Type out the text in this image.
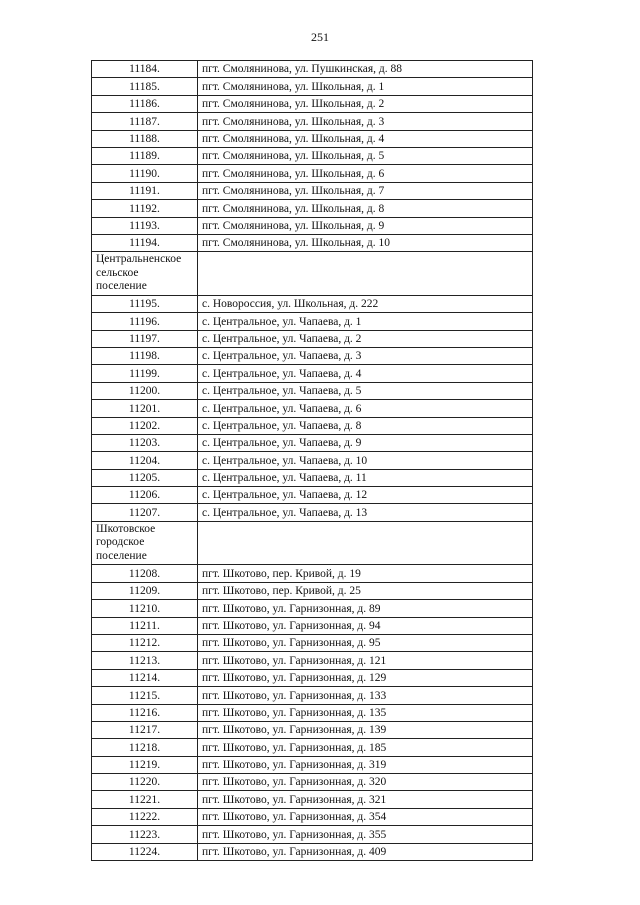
251
11184.	пгт. Смолянинова, ул. Пушкинская, д. 88
11185.	пгт. Смолянинова, ул. Школьная, д. 1
11186.	пгт. Смолянинова, ул. Школьная, д. 2
11187.	пгт. Смолянинова, ул. Школьная, д. 3
11188.	пгт. Смолянинова, ул. Школьная, д. 4
11189.	пгт. Смолянинова, ул. Школьная, д. 5
11190.	пгт. Смолянинова, ул. Школьная, д. 6
11191.	пгт. Смолянинова, ул. Школьная, д. 7
11192.	пгт. Смолянинова, ул. Школьная, д. 8
11193.	пгт. Смолянинова, ул. Школьная, д. 9
11194.	пгт. Смолянинова, ул. Школьная, д. 10

Центральненское
сельское
поселение	

11195.	с. Новороссия, ул. Школьная, д. 222
11196.	с. Центральное, ул. Чапаева, д. 1
11197.	с. Центральное, ул. Чапаева, д. 2
11198.	с. Центральное, ул. Чапаева, д. 3
11199.	с. Центральное, ул. Чапаева, д. 4
11200.	с. Центральное, ул. Чапаева, д. 5
11201.	с. Центральное, ул. Чапаева, д. 6
11202.	с. Центральное, ул. Чапаева, д. 8
11203.	с. Центральное, ул. Чапаева, д. 9
11204.	с. Центральное, ул. Чапаева, д. 10
11205.	с. Центральное, ул. Чапаева, д. 11
11206.	с. Центральное, ул. Чапаева, д. 12
11207.	с. Центральное, ул. Чапаева, д. 13

Шкотовское
городское
поселение	

11208.	пгт. Шкотово, пер. Кривой, д. 19
11209.	пгт. Шкотово, пер. Кривой, д. 25
11210.	пгт. Шкотово, ул. Гарнизонная, д. 89
11211.	пгт. Шкотово, ул. Гарнизонная, д. 94
11212.	пгт. Шкотово, ул. Гарнизонная, д. 95
11213.	пгт. Шкотово, ул. Гарнизонная, д. 121
11214.	пгт. Шкотово, ул. Гарнизонная, д. 129
11215.	пгт. Шкотово, ул. Гарнизонная, д. 133
11216.	пгт. Шкотово, ул. Гарнизонная, д. 135
11217.	пгт. Шкотово, ул. Гарнизонная, д. 139
11218.	пгт. Шкотово, ул. Гарнизонная, д. 185
11219.	пгт. Шкотово, ул. Гарнизонная, д. 319
11220.	пгт. Шкотово, ул. Гарнизонная, д. 320
11221.	пгт. Шкотово, ул. Гарнизонная, д. 321
11222.	пгт. Шкотово, ул. Гарнизонная, д. 354
11223.	пгт. Шкотово, ул. Гарнизонная, д. 355
11224.	пгт. Шкотово, ул. Гарнизонная, д. 409
